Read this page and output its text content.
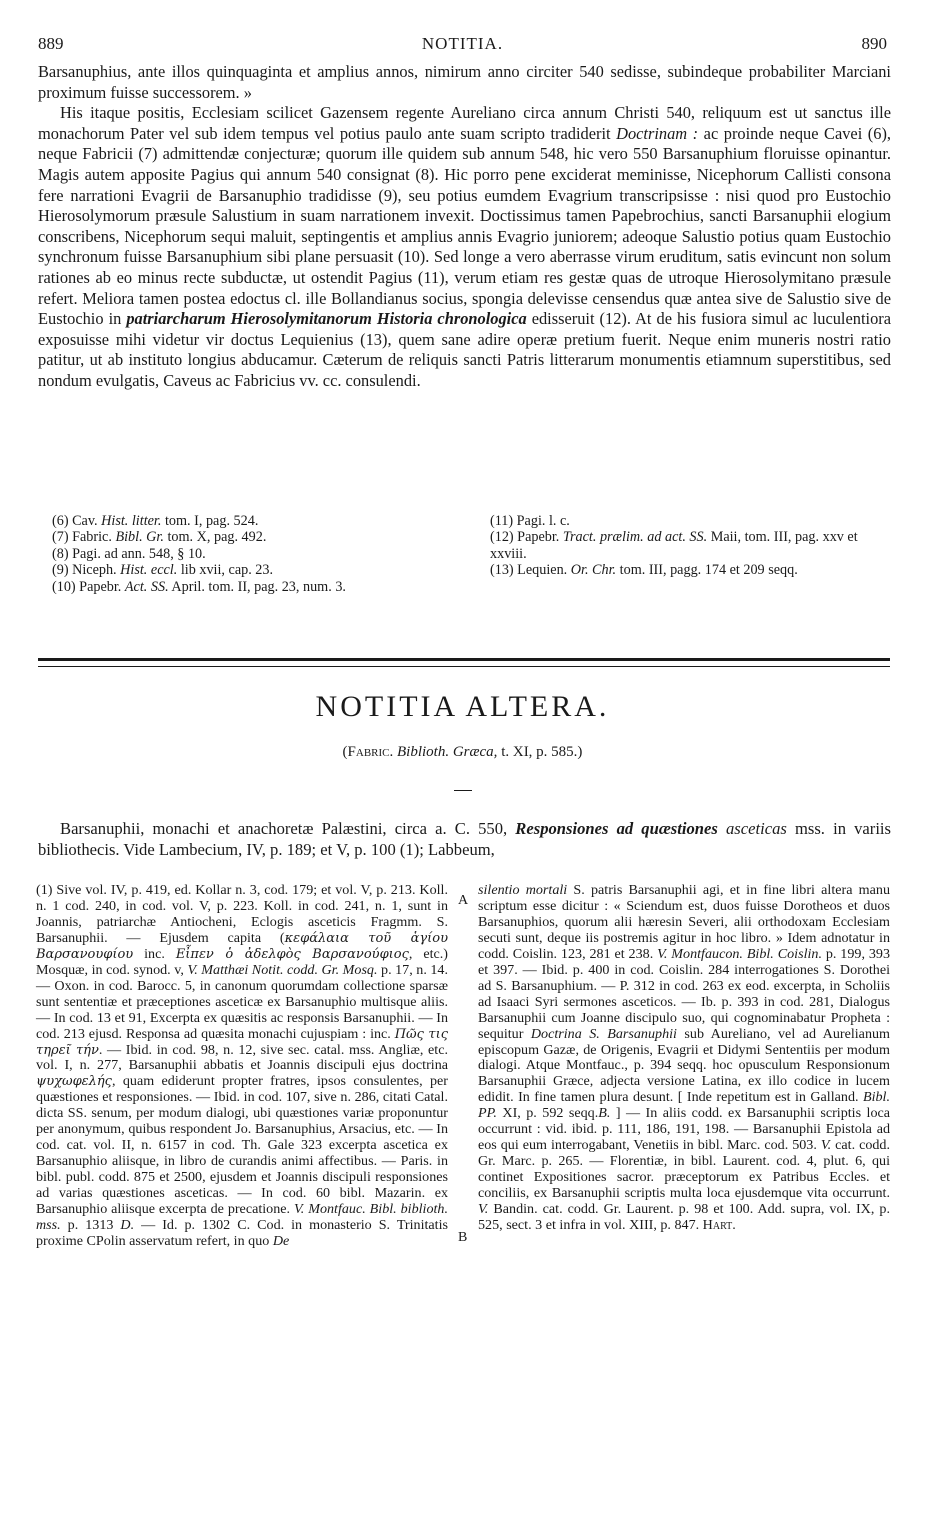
889	NOTITIA.	890

Barsanuphius, ante illos quinquaginta et amplius annos, nimirum anno circiter 540 sedisse, subindeque probabiliter Marciani proximum fuisse successorem. »

His itaque positis, Ecclesiam scilicet Gazensem regente Aureliano circa annum Christi 540, reliquum est ut sanctus ille monachorum Pater vel sub idem tempus vel potius paulo ante suam scripto tradiderit Doctrinam : ac proinde neque Cavei (6), neque Fabricii (7) admittendæ conjecturæ; quorum ille quidem sub annum 548, hic vero 550 Barsanuphium floruisse opinantur. Magis autem apposite Pagius qui annum 540 consignat (8). Hic porro pene exciderat meminisse, Nicephorum Callisti consona fere narrationi Evagrii de Barsanuphio tradidisse (9), seu potius eumdem Evagrium transcripsisse : nisi quod pro Eustochio Hierosolymorum præsule Salustium in suam narrationem invexit. Doctissimus tamen Papebrochius, sancti Barsanuphii elogium conscribens, Nicephorum sequi maluit, septingentis et amplius annis Evagrio juniorem; adeoque Salustio potius quam Eustochio synchronum fuisse Barsanuphium sibi plane persuasit (10). Sed longe a vero aberrasse virum eruditum, satis evincunt non solum rationes ab eo minus recte subductæ, ut ostendit Pagius (11), verum etiam res gestæ quas de utroque Hierosolymitano præsule refert. Meliora tamen postea edoctus cl. ille Bollandianus socius, spongia delevisse censendus quæ antea sive de Salustio sive de Eustochio in patriarcharum Hierosolymitanorum Historia chronologica edisseruit (12). At de his fusiora simul ac luculentiora exposuisse mihi videtur vir doctus Lequienius (13), quem sane adire operæ pretium fuerit. Neque enim muneris nostri ratio patitur, ut ab instituto longius abducamur. Cæterum de reliquis sancti Patris litterarum monumentis etiamnum superstitibus, sed nondum evulgatis, Caveus ac Fabricius vv. cc. consulendi.

(6) Cav. Hist. litter. tom. I, pag. 524.

(7) Fabric. Bibl. Gr. tom. X, pag. 492.

(8) Pagi. ad ann. 548, § 10.

(9) Niceph. Hist. eccl. lib xvii, cap. 23.

(10) Papebr. Act. SS. April. tom. II, pag. 23, num. 3.

(11) Pagi. l. c.

(12) Papebr. Tract. prælim. ad act. SS. Maii, tom. III, pag. xxv et xxviii.

(13) Lequien. Or. Chr. tom. III, pagg. 174 et 209 seqq.

NOTITIA ALTERA.
(Fabric. Biblioth. Græca, t. XI, p. 585.)

Barsanuphii, monachi et anachoretæ Palæstini, circa a. C. 550, Responsiones ad quæstiones asceticas mss. in variis bibliothecis. Vide Lambecium, IV, p. 189; et V, p. 100 (1); Labbeum,

A
B

(1) Sive vol. IV, p. 419, ed. Kollar n. 3, cod. 179; et vol. V, p. 213. Koll. n. 1 cod. 240, in cod. vol. V, p. 223. Koll. in cod. 241, n. 1, sunt in Joannis, patriarchæ Antiocheni, Eclogis asceticis Fragmm. S. Barsanuphii. — Ejusdem capita (κεφάλαια τοῦ ἁγίου Βαρσανουφίου inc. Εἶπεν ὁ ἀδελφὸς Βαρσανούφιος, etc.) Mosquæ, in cod. synod. v, V. Matthæi Notit. codd. Gr. Mosq. p. 17, n. 14. — Oxon. in cod. Barocc. 5, in canonum quorumdam collectione sparsæ sunt sententiæ et præceptiones asceticæ ex Barsanuphio multisque aliis. — In cod. 13 et 91, Excerpta ex quæsitis ac responsis Barsanuphii. — In cod. 213 ejusd. Responsa ad quæsita monachi cujuspiam : inc. Πῶς τις τηρεῖ τήν. — Ibid. in cod. 98, n. 12, sive sec. catal. mss. Angliæ, etc. vol. I, n. 277, Barsanuphii abbatis et Joannis discipuli ejus doctrina ψυχωφελής, quam ediderunt propter fratres, ipsos consulentes, per quæstiones et responsiones. — Ibid. in cod. 107, sive n. 286, citati Catal. dicta SS. senum, per modum dialogi, ubi quæstiones variæ proponuntur per anonymum, quibus respondent Jo. Barsanuphius, Arsacius, etc. — In cod. cat. vol. II, n. 6157 in cod. Th. Gale 323 excerpta ascetica ex Barsanuphio aliisque, in libro de curandis animi affectibus. — Paris. in bibl. publ. codd. 875 et 2500, ejusdem et Joannis discipuli responsiones ad varias quæstiones asceticas. — In cod. 60 bibl. Mazarin. ex Barsanuphio aliisque excerpta de precatione. V. Montfauc. Bibl. biblioth. mss. p. 1313 D. — Id. p. 1302 C. Cod. in monasterio S. Trinitatis proxime CPolin asservatum refert, in quo De

silentio mortali S. patris Barsanuphii agi, et in fine libri altera manu scriptum esse dicitur : « Sciendum est, duos fuisse Dorotheos et duos Barsanuphios, quorum alii hæresin Severi, alii orthodoxam Ecclesiam secuti sunt, deque iis postremis agitur in hoc libro. » Idem adnotatur in codd. Coislin. 123, 281 et 238. V. Montfaucon. Bibl. Coislin. p. 199, 393 et 397. — Ibid. p. 400 in cod. Coislin. 284 interrogationes S. Dorothei ad S. Barsanuphium. — P. 312 in cod. 263 ex eod. excerpta, in Scholiis ad Isaaci Syri sermones asceticos. — Ib. p. 393 in cod. 281, Dialogus Barsanuphii cum Joanne discipulo suo, qui cognominabatur Propheta : sequitur Doctrina S. Barsanuphii sub Aureliano, vel ad Aurelianum episcopum Gazæ, de Origenis, Evagrii et Didymi Sententiis per modum dialogi. Atque Montfauc., p. 394 seqq. hoc opusculum Responsionum Barsanuphii Græce, adjecta versione Latina, ex illo codice in lucem edidit. In fine tamen plura desunt. [ Inde repetitum est in Galland. Bibl. PP. XI, p. 592 seqq.B. ] — In aliis codd. ex Barsanuphii scriptis loca occurrunt : vid. ibid. p. 111, 186, 191, 198. — Barsanuphii Epistola ad eos qui eum interrogabant, Venetiis in bibl. Marc. cod. 503. V. cat. codd. Gr. Marc. p. 265. — Florentiæ, in bibl. Laurent. cod. 4, plut. 6, qui continet Expositiones sacror. præceptorum ex Patribus Eccles. et conciliis, ex Barsanuphii scriptis multa loca ejusdemque vita occurrunt. V. Bandin. cat. codd. Gr. Laurent. p. 98 et 100. Add. supra, vol. IX, p. 525, sect. 3 et infra in vol. XIII, p. 847. Hart.
